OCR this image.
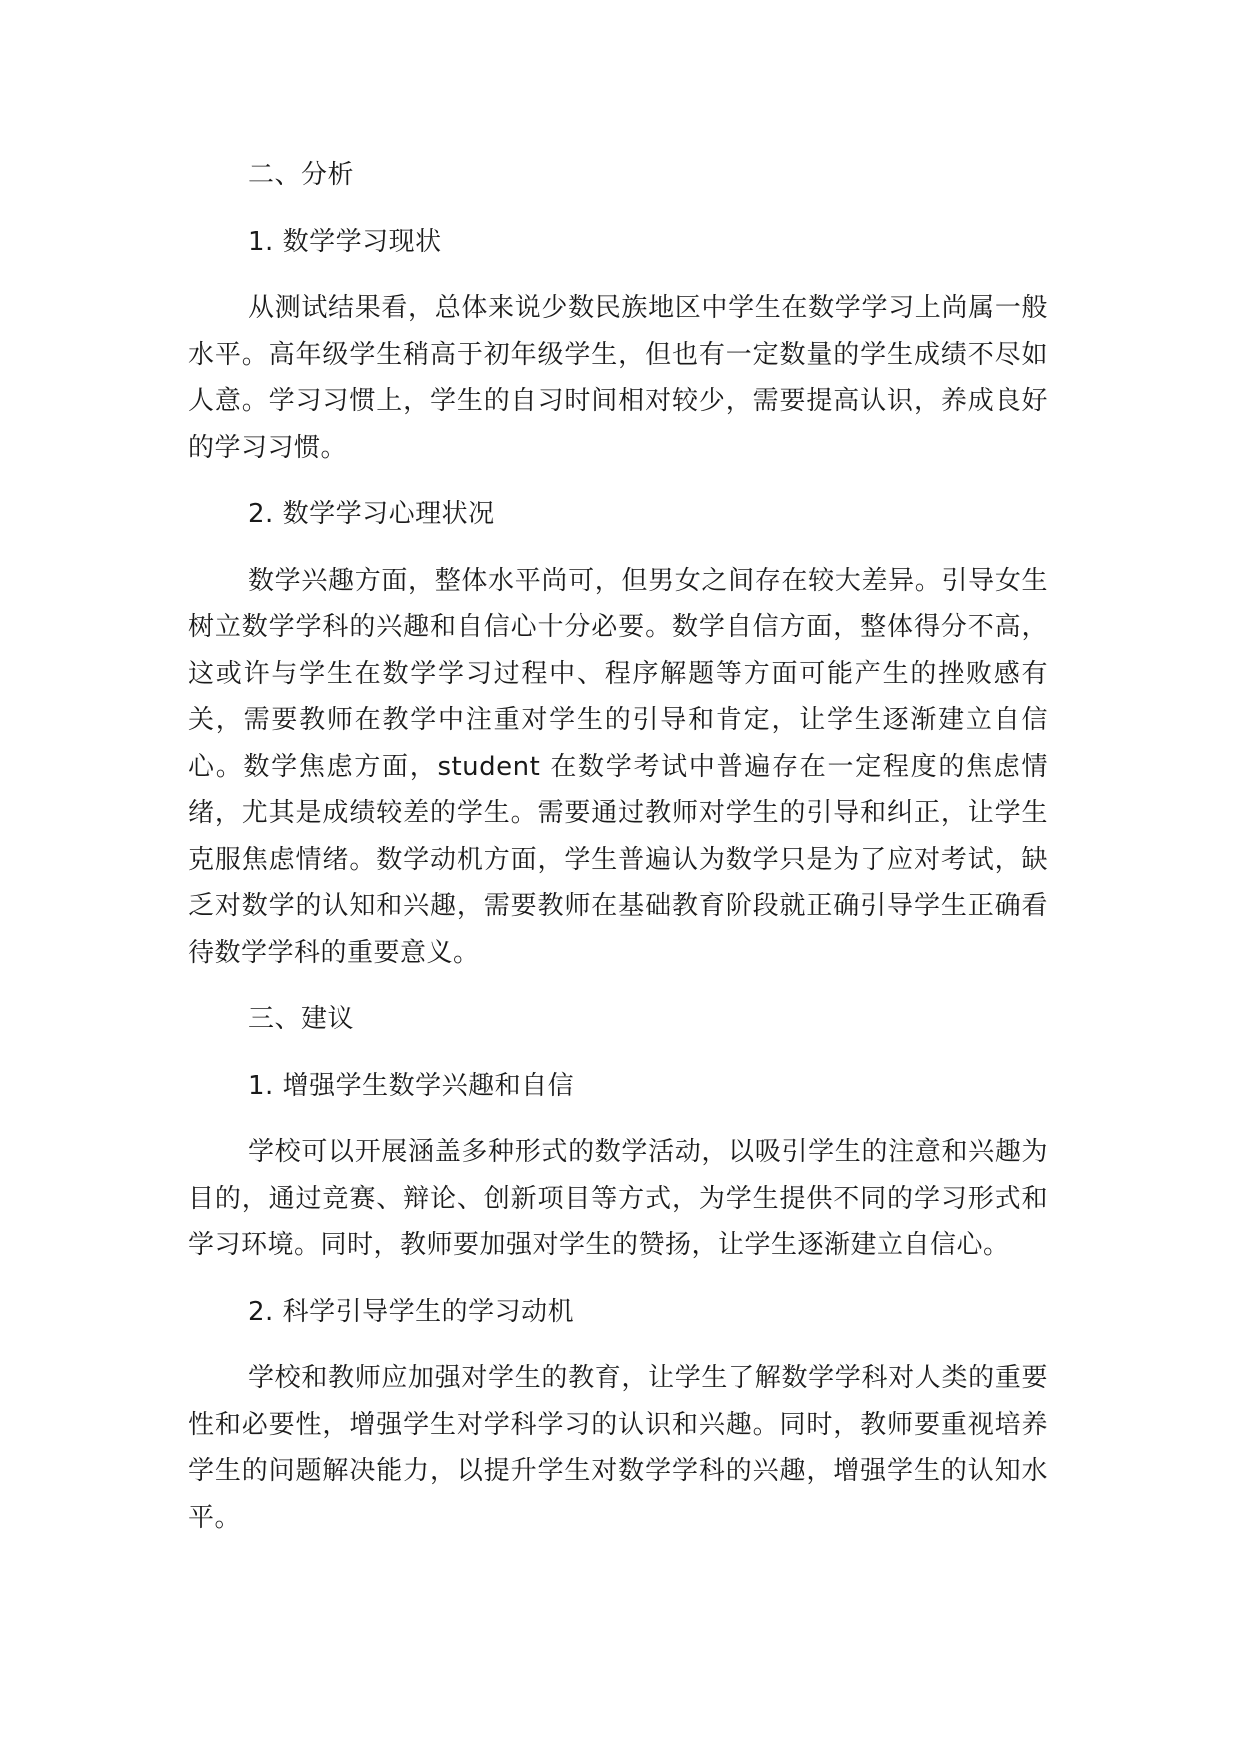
二、分析

1. 数学学习现状

从测试结果看，总体来说少数民族地区中学生在数学学习上尚属一般水平。高年级学生稍高于初年级学生，但也有一定数量的学生成绩不尽如人意。学习习惯上，学生的自习时间相对较少，需要提高认识，养成良好的学习习惯。

2. 数学学习心理状况

数学兴趣方面，整体水平尚可，但男女之间存在较大差异。引导女生树立数学学科的兴趣和自信心十分必要。数学自信方面，整体得分不高，这或许与学生在数学学习过程中、程序解题等方面可能产生的挫败感有关，需要教师在教学中注重对学生的引导和肯定，让学生逐渐建立自信心。数学焦虑方面，student 在数学考试中普遍存在一定程度的焦虑情绪，尤其是成绩较差的学生。需要通过教师对学生的引导和纠正，让学生克服焦虑情绪。数学动机方面，学生普遍认为数学只是为了应对考试，缺乏对数学的认知和兴趣，需要教师在基础教育阶段就正确引导学生正确看待数学学科的重要意义。

三、建议

1. 增强学生数学兴趣和自信

学校可以开展涵盖多种形式的数学活动，以吸引学生的注意和兴趣为目的，通过竞赛、辩论、创新项目等方式，为学生提供不同的学习形式和学习环境。同时，教师要加强对学生的赞扬，让学生逐渐建立自信心。

2. 科学引导学生的学习动机

学校和教师应加强对学生的教育，让学生了解数学学科对人类的重要性和必要性，增强学生对学科学习的认识和兴趣。同时，教师要重视培养学生的问题解决能力，以提升学生对数学学科的兴趣，增强学生的认知水平。
